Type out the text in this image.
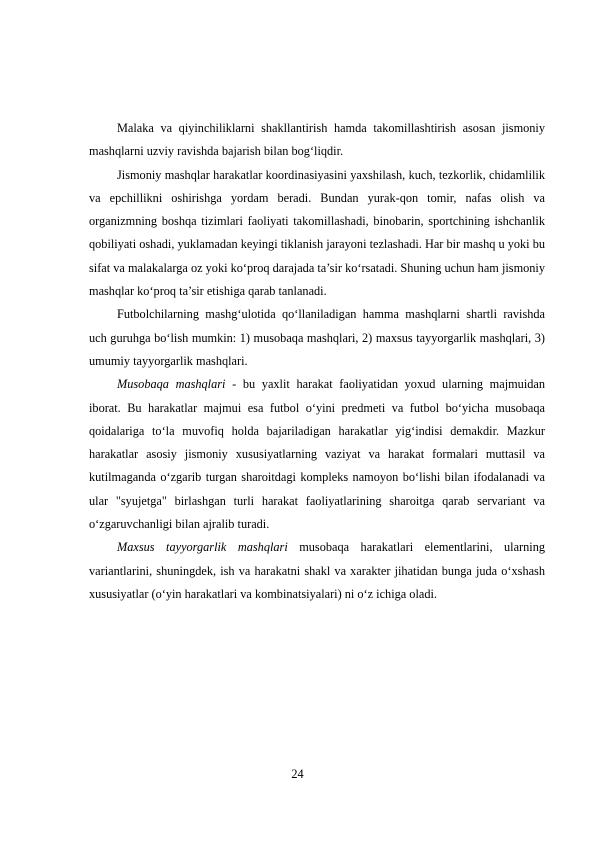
Malaka va qiyinchiliklarni shakllantirish hamda takomillashtirish asosan jismoniy mashqlarni uzviy ravishda bajarish bilan bog‘liqdir.

Jismoniy mashqlar harakatlar koordinasiyasini yaxshilash, kuch, tezkorlik, chidamlilik va epchillikni oshirishga yordam beradi. Bundan yurak-qon tomir, nafas olish va organizmning boshqa tizimlari faoliyati takomillashadi, binobarin, sportchining ishchanlik qobiliyati oshadi, yuklamadan keyingi tiklanish jarayoni tezlashadi. Har bir mashq u yoki bu sifat va malakalarga oz yoki ko‘proq darajada ta’sir ko‘rsatadi. Shuning uchun ham jismoniy mashqlar ko‘proq ta’sir etishiga qarab tanlanadi.

Futbolchilarning mashg‘ulotida qo‘llaniladigan hamma mashqlarni shartli ravishda uch guruhga bo‘lish mumkin: 1) musobaqa mashqlari, 2) maxsus tayyorgarlik mashqlari, 3) umumiy tayyorgarlik mashqlari.

Musobaqa mashqlari - bu yaxlit harakat faoliyatidan yoxud ularning majmuidan iborat. Bu harakatlar majmui esa futbol o‘yini predmeti va futbol bo‘yicha musobaqa qoidalariga to‘la muvofiq holda bajariladigan harakatlar yig‘indisi demakdir. Mazkur harakatlar asosiy jismoniy xususiyatlarning vaziyat va harakat formalari muttasil va kutilmaganda o‘zgarib turgan sharoitdagi kompleks namoyon bo‘lishi bilan ifodalanadi va ular "syujetga" birlashgan turli harakat faoliyatlarining sharoitga qarab servariant va o‘zgaruvchanligi bilan ajralib turadi.

Maxsus tayyorgarlik mashqlari musobaqa harakatlari elementlarini, ularning variantlarini, shuningdek, ish va harakatni shakl va xarakter jihatidan bunga juda o‘xshash xususiyatlar (o‘yin harakatlari va kombinatsiyalari) ni o‘z ichiga oladi.

24
